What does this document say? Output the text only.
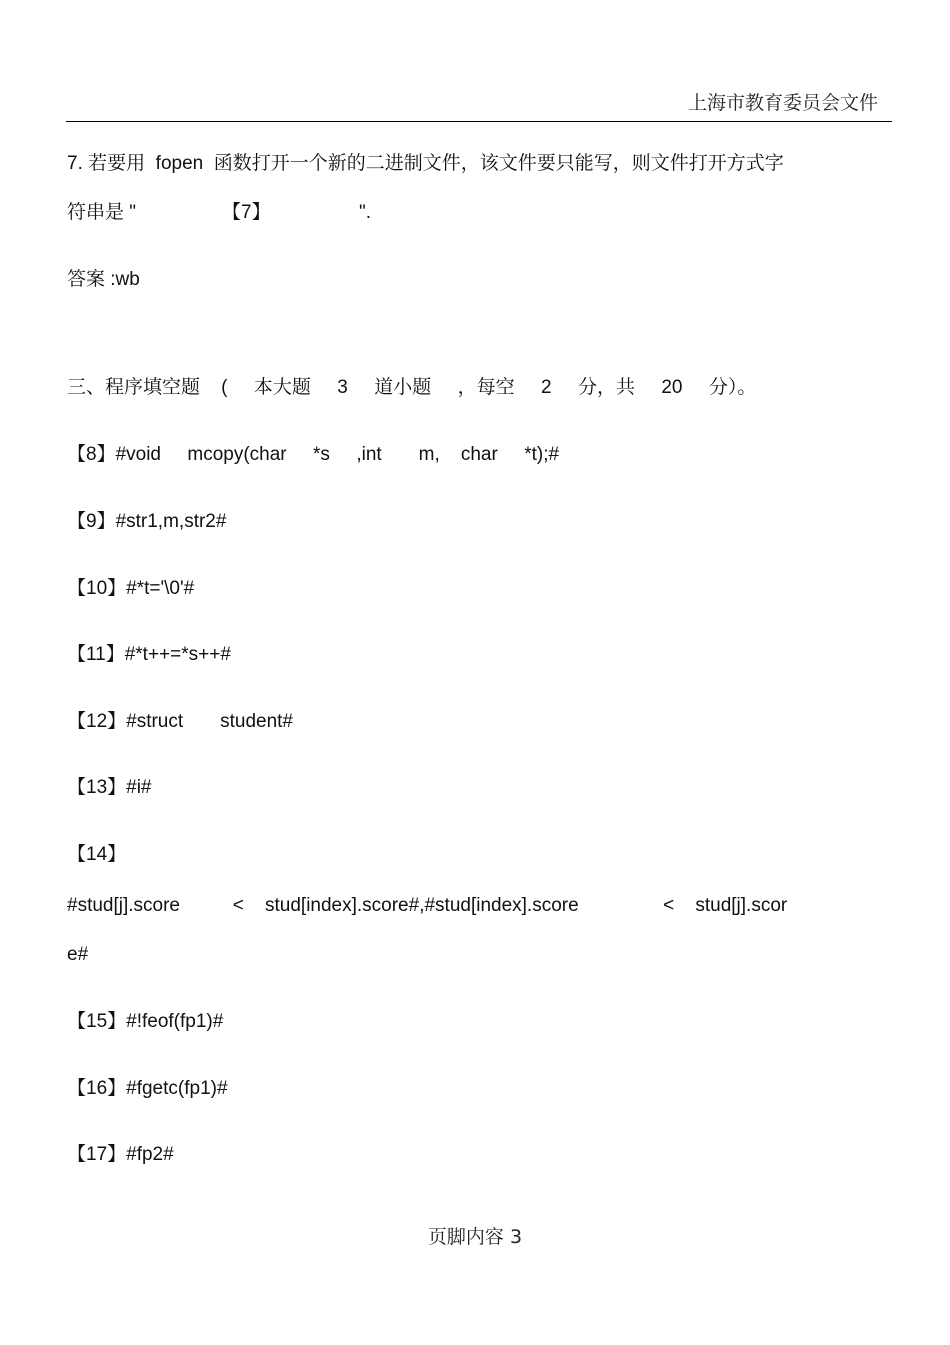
上海市教育委员会文件
7. 若要用  fopen  函数打开一个新的二进制文件，该文件要只能写，则文件打开方式字
符串是 "	【7】	".
答案 :wb
三、程序填空题    (     本大题     3     道小题     ，每空     2     分，共     20     分）。
【8】#void     mcopy(char     *s     ,int       m,    char     *t);#
【9】#str1,m,str2#
【10】#*t='\0'#
【11】#*t++=*s++#
【12】#struct       student#
【13】#i#
【14】
#stud[j].score          <    stud[index].score#,#stud[index].score                <    stud[j].scor
e#
【15】#!feof(fp1)#
【16】#fgetc(fp1)#
【17】#fp2#
页脚内容 3
